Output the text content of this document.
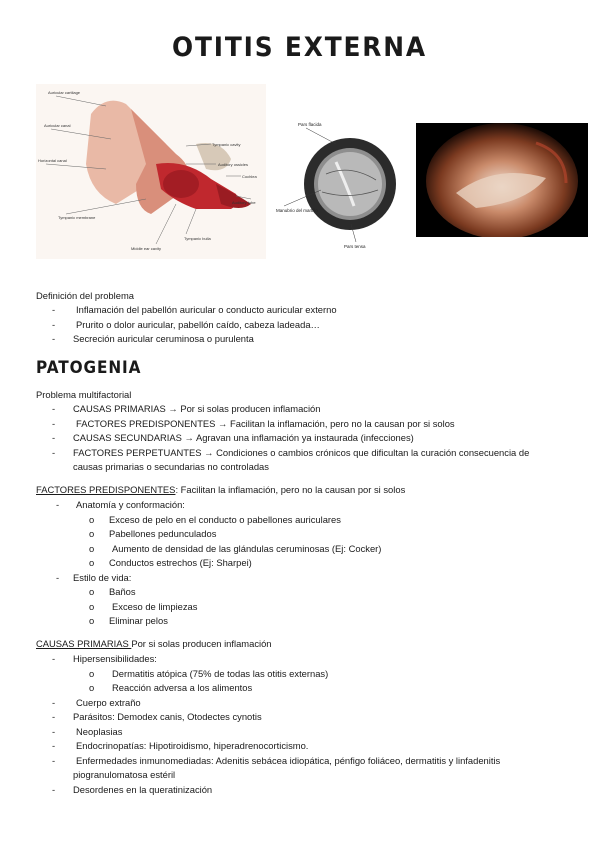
OTITIS EXTERNA
Auricular cartilage
Auricular canal
Horizontal canal
Tympanic membrane
Tympanic bulla
Middle ear cavity
Tympanic cavity
Auditory ossicles
Cochlea
Auditory tube
Pars flacida
Manubrio del martillo
Pars tensa
Definición del problema
- Inflamación del pabellón auricular o conducto auricular externo
- Prurito o dolor auricular, pabellón caído, cabeza ladeada…
- Secreción auricular ceruminosa o purulenta
PATOGENIA
Problema multifactorial
- CAUSAS PRIMARIAS → Por si solas producen inflamación
- FACTORES PREDISPONENTES → Facilitan la inflamación, pero no la causan por si solos
- CAUSAS SECUNDARIAS → Agravan una inflamación ya instaurada (infecciones)
- FACTORES PERPETUANTES → Condiciones o cambios crónicos que dificultan la curación consecuencia de
causas primarias o secundarias no controladas
FACTORES PREDISPONENTES: Facilitan la inflamación, pero no la causan por si solos
- Anatomía y conformación:
o Exceso de pelo en el conducto o pabellones auriculares
o Pabellones pedunculados
o Aumento de densidad de las glándulas ceruminosas (Ej: Cocker)
o Conductos estrechos (Ej: Sharpei)
- Estilo de vida:
o Baños
o Exceso de limpiezas
o Eliminar pelos
CAUSAS PRIMARIAS Por si solas producen inflamación
- Hipersensibilidades:
o Dermatitis atópica (75% de todas las otitis externas)
o Reacción adversa a los alimentos
- Cuerpo extraño
- Parásitos: Demodex canis, Otodectes cynotis
- Neoplasias
- Endocrinopatías: Hipotiroidismo, hiperadrenocorticismo.
- Enfermedades inmunomediadas: Adenitis sebácea idiopática, pénfigo foliáceo, dermatitis y linfadenitis
piogranulomatosa estéril
- Desordenes en la queratinización
